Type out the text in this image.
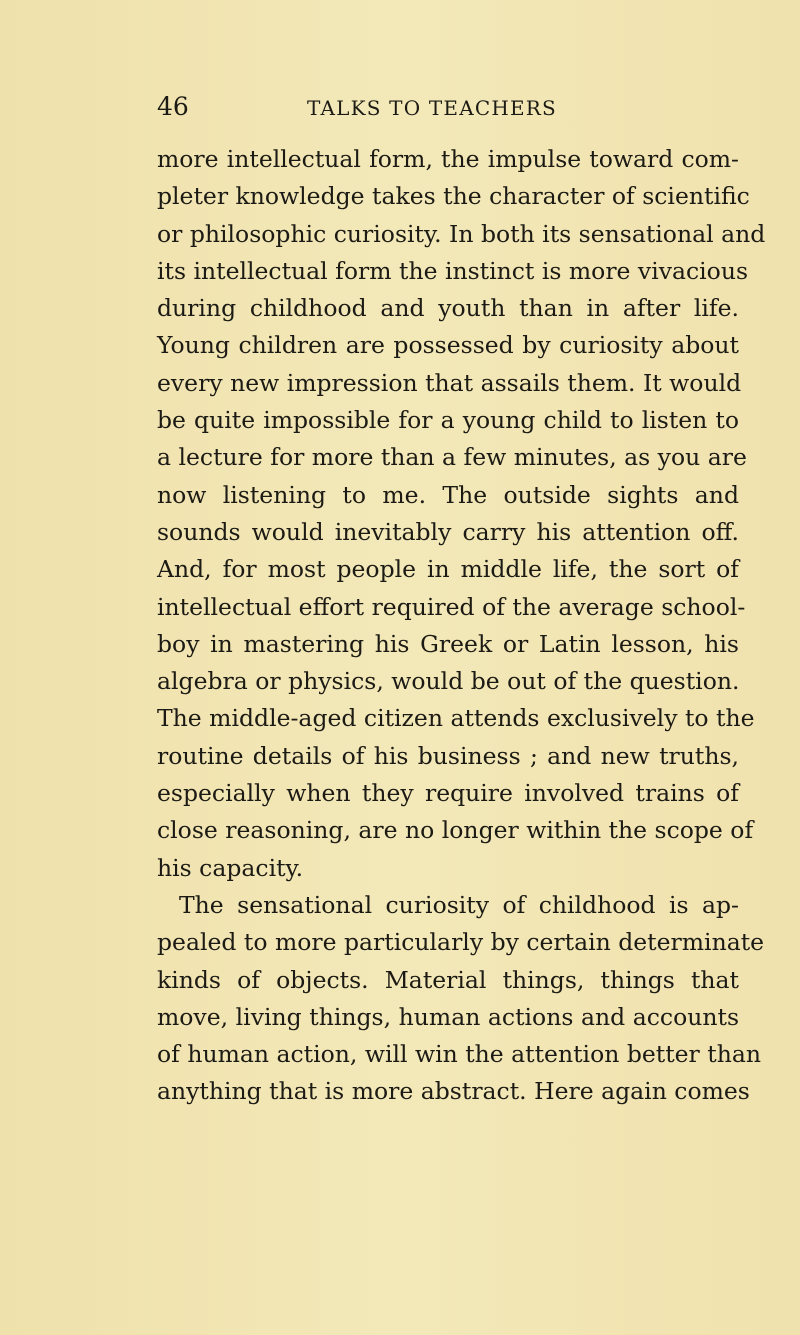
46	TALKS TO TEACHERS
more intellectual form, the impulse toward com-
pleter knowledge takes the character of scientific
or philosophic curiosity. In both its sensational and
its intellectual form the instinct is more vivacious
during childhood and youth than in after life.
Young children are possessed by curiosity about
every new impression that assails them. It would
be quite impossible for a young child to listen to
a lecture for more than a few minutes, as you are
now listening to me. The outside sights and
sounds would inevitably carry his attention off.
And, for most people in middle life, the sort of
intellectual effort required of the average school-
boy in mastering his Greek or Latin lesson, his
algebra or physics, would be out of the question.
The middle-aged citizen attends exclusively to the
routine details of his business ; and new truths,
especially when they require involved trains of
close reasoning, are no longer within the scope of
his capacity.
The sensational curiosity of childhood is ap-
pealed to more particularly by certain determinate
kinds of objects. Material things, things that
move, living things, human actions and accounts
of human action, will win the attention better than
anything that is more abstract. Here again comes
